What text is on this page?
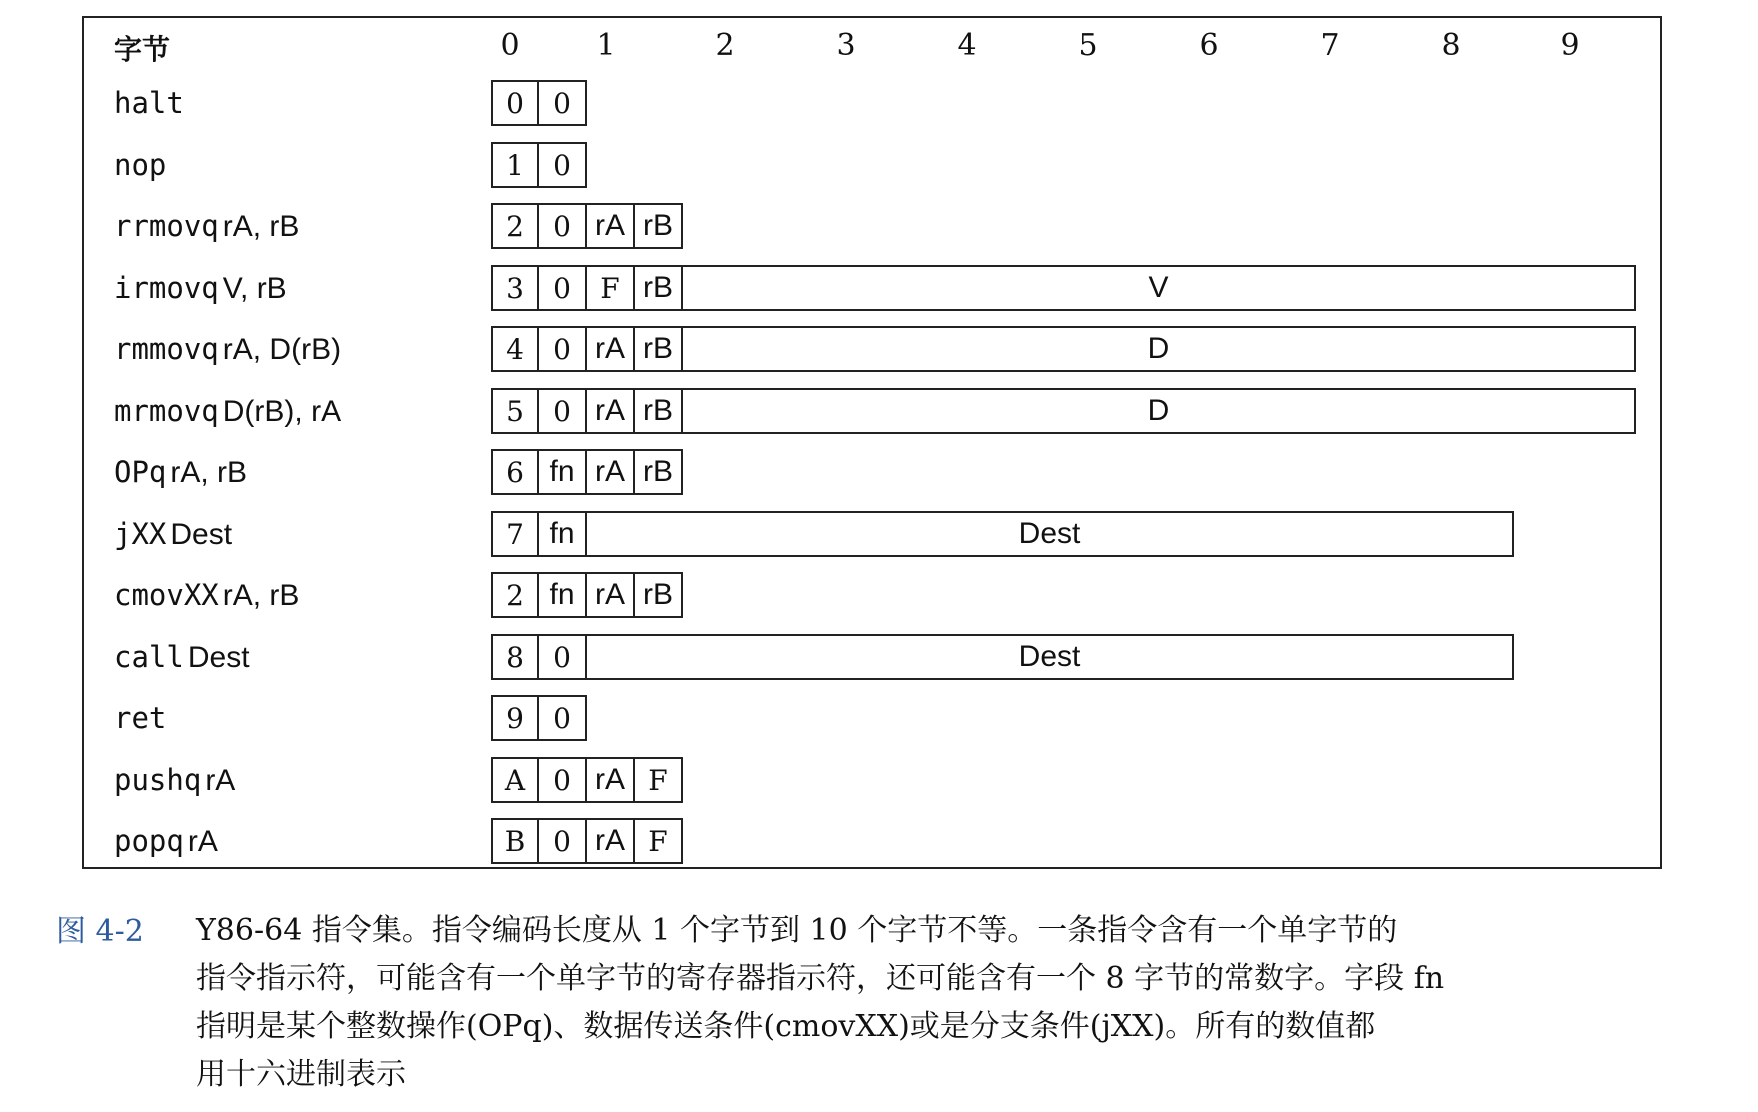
字节	0	1	2	3	4	5	6	7	8	9
halt	0	0
nop	1	0
rrmovq rA, rB	2	0 rA rB
irmovq V, rB	3	0	F rB	V
rmmovq rA, D(rB)	4	0 rA rB	D
mrmovq D(rB), rA	5	0 rA rB	D
OPq rA, rB	6 fn rA rB
jXX Dest	7 fn	Dest
cmovXX rA, rB	2 fn rA rB
call Dest	8	0	Dest
ret	9	0
pushq rA	A 0 rA F
popq rA	B 0 rA F
图 4-2 Y86-64 指令集。指令编码长度从 1 个字节到 10 个字节不等。一条指令含有一个单字节的
指令指示符，可能含有一个单字节的寄存器指示符，还可能含有一个 8 字节的常数字。字段 fn
指明是某个整数操作(OPq)、数据传送条件(cmovXX)或是分支条件(jXX)。所有的数值都
用十六进制表示
